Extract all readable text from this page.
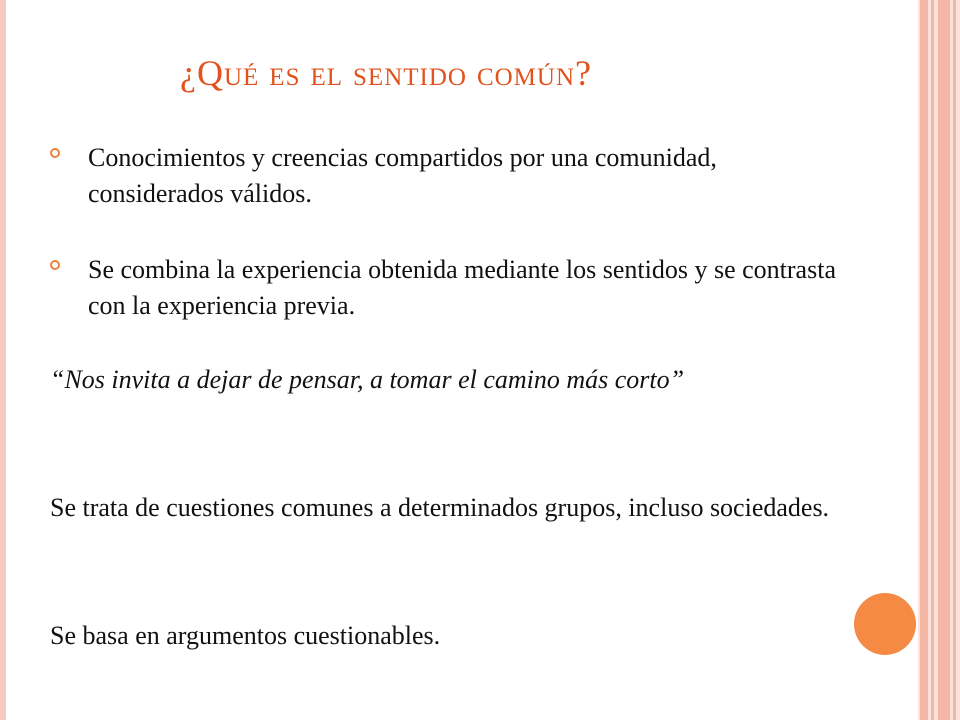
¿Qué es el sentido común?
Conocimientos y creencias compartidos por una comunidad, considerados válidos.
Se combina la experiencia obtenida mediante los sentidos y se contrasta con la experiencia previa.
“Nos invita a dejar de pensar, a tomar el camino más corto”
Se trata de cuestiones comunes a determinados grupos, incluso sociedades.
Se basa en argumentos cuestionables.
